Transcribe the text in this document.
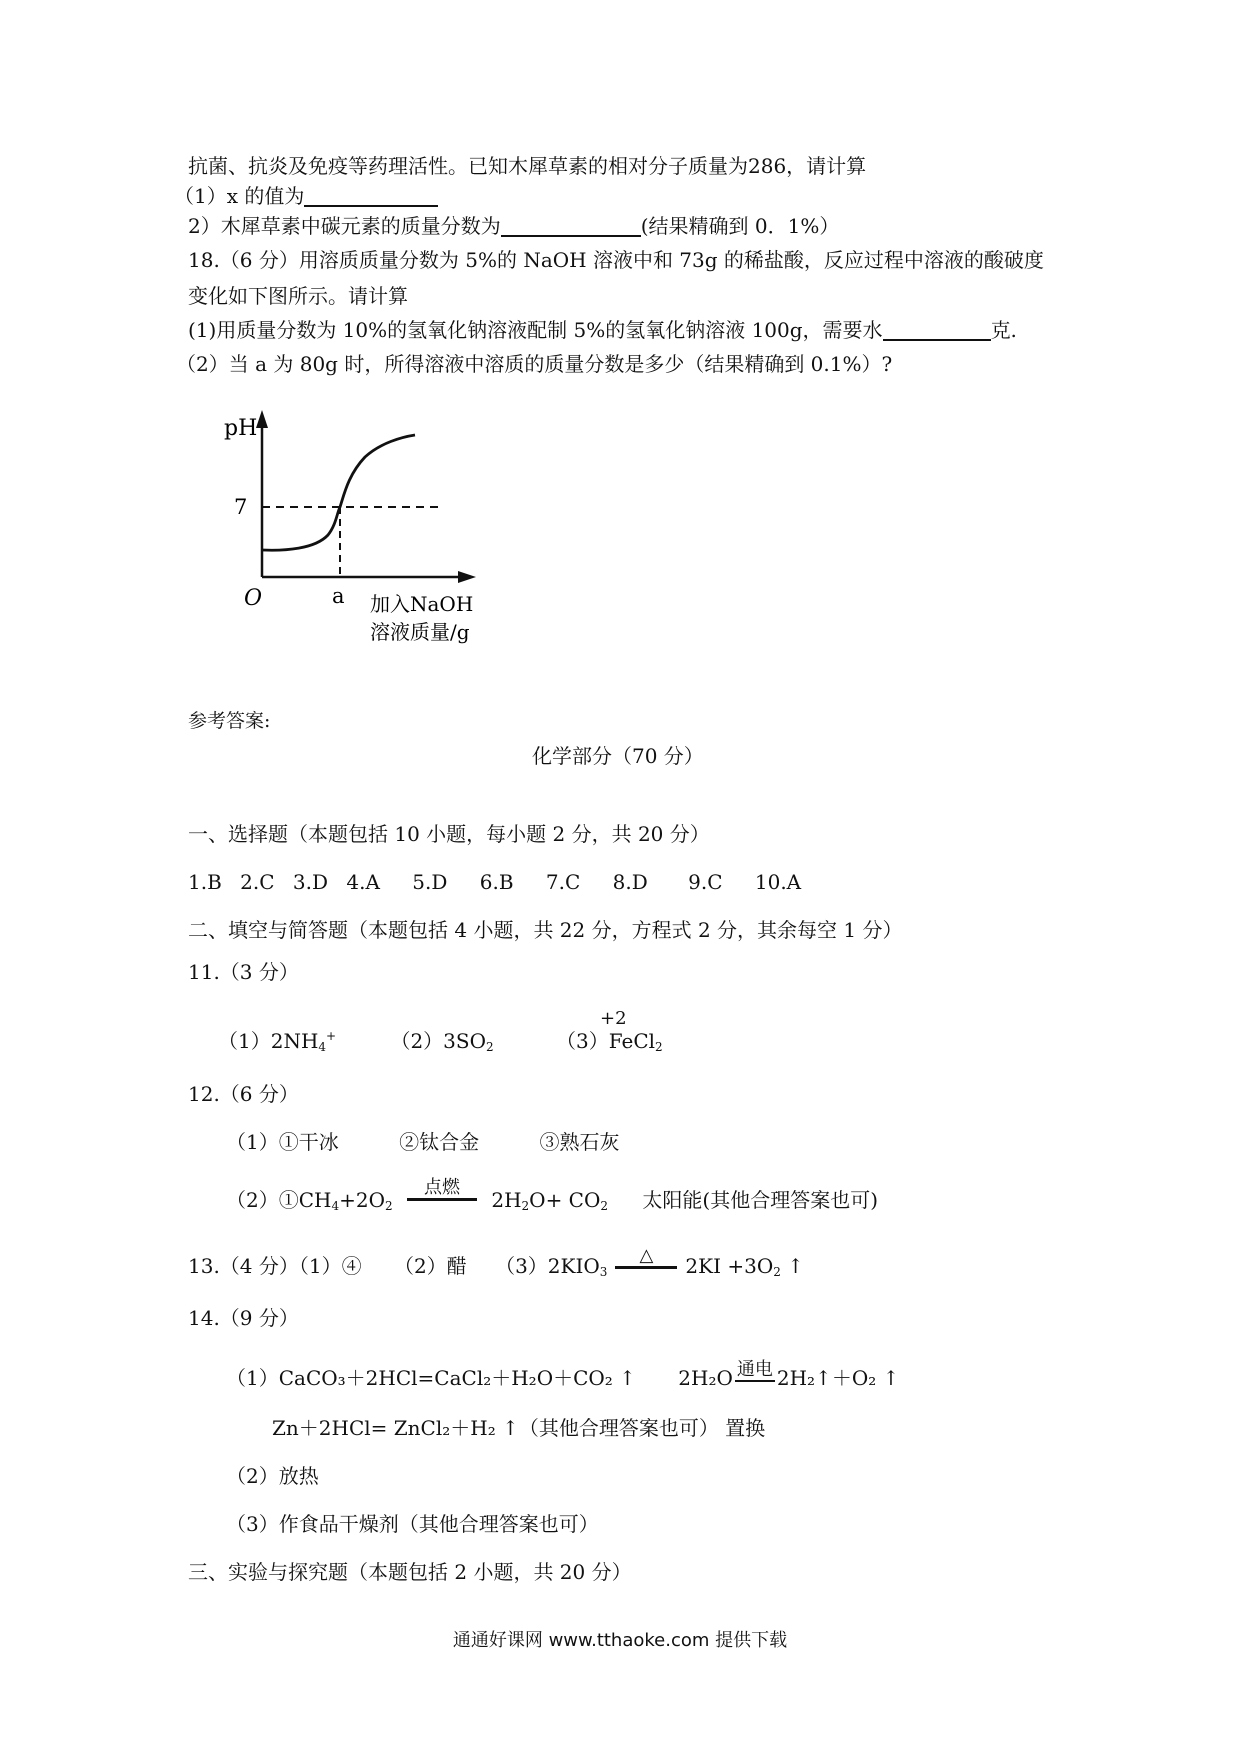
抗菌、抗炎及免疫等药理活性。已知木犀草素的相对分子质量为286，请计算
（1）x 的值为
2）木犀草素中碳元素的质量分数为	(结果精确到 0．1%）
18.（6 分）用溶质质量分数为 5%的 NaOH 溶液中和 73g 的稀盐酸，反应过程中溶液的酸破度
变化如下图所示。请计算
(1)用质量分数为 10%的氢氧化钠溶液配制 5%的氢氧化钠溶液 100g，需要水	克.
（2）当 a 为 80g 时，所得溶液中溶质的质量分数是多少（结果精确到 0.1%）?
pH
7
O	a 加入NaOH
溶液质量/g
参考答案:
化学部分（70 分）
一、选择题（本题包括 10 小题，每小题 2 分，共 20 分）
1.B 2.C 3.D 4.A 5.D 6.B 7.C 8.D 9.C 10.A
二、填空与简答题（本题包括 4 小题，共 22 分，方程式 2 分，其余每空 1 分）
11.（3 分）
$(1)2NH_4^+$	$(2)3SO_2$	（3）FeCl$_2$
+2
12.（6 分）
（1）①干冰	②钛合金	③熟石灰
$(2)①CH_4+2O_2$
点燃
$2H_2O+ CO_2$ 太阳能(其他合理答案也可)
13.（4 分）（1）④ （2）醋 $(3)2KIO_3$
△	$2KI +3O_2$ ↑
14.（9 分）
（1）CaCO₃＋2HCl=CaCl₂＋H₂O＋CO₂ ↑ 2H₂O 通电 2H₂↑＋O₂ ↑
Zn＋2HCl= ZnCl₂＋H₂ ↑（其他合理答案也可） 置换
（2）放热
（3）作食品干燥剂（其他合理答案也可）
三、实验与探究题（本题包括 2 小题，共 20 分）
通通好课网 www.tthaoke.com 提供下载
